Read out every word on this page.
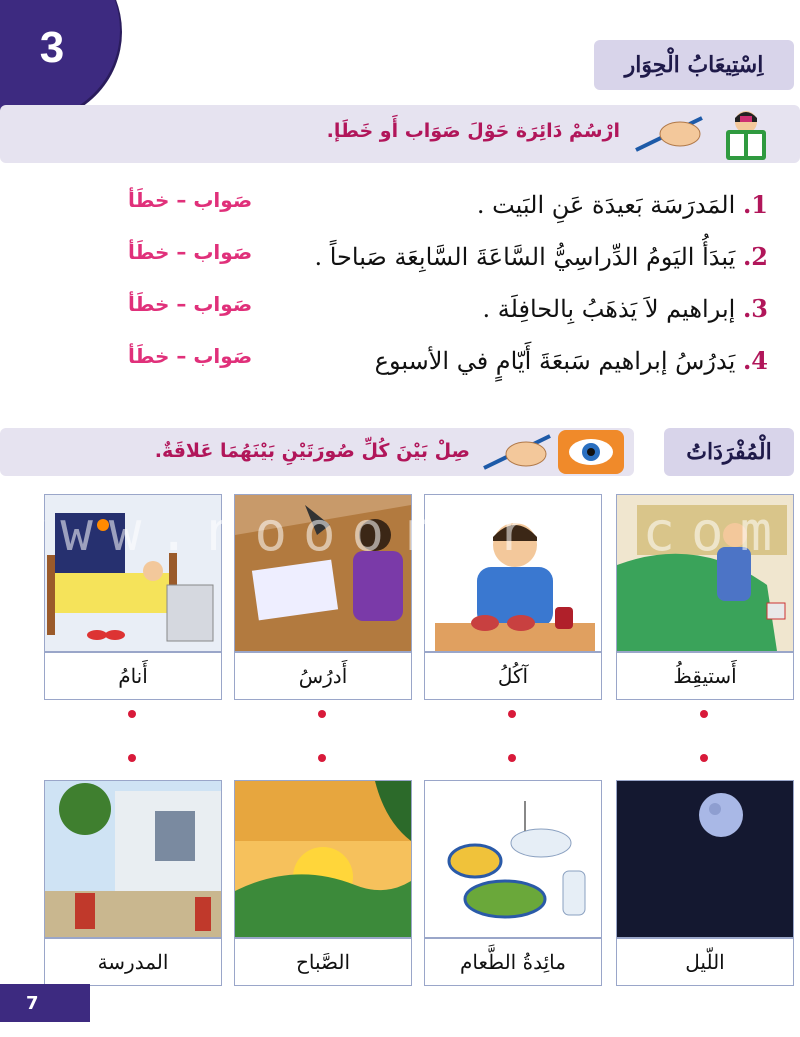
3	اِسْتِيعَابُ الْحِوَار
ارْسُمْ دَائِرَة حَوْلَ صَوَاب أَو خَطَإ.
1. المَدرَسَة بَعيدَة عَنِ البَيت .
صَواب – خطَأ
2. يَبدَأُ اليَومُ الدِّراسِيُّ السَّاعَةَ السَّابِعَة صَباحاً .
صَواب – خطَأ
3. إبراهيم لاَ يَذهَبُ بِالحافِلَة .
صَواب – خطَأ
4. يَدرُسُ إبراهيم سَبعَةَ أَيّامٍ في الأسبوع
صَواب – خطَأ
الْمُفْرَدَاتُ
صِلْ بَيْنَ كُلِّ صُورَتَيْنِ بَيْنَهُمَا عَلاقَةٌ.
أَنامُ	أَدرُسُ	آكُلُ	أَستيقِظُ
المدرسة	الصَّباح	مائِدةُ الطَّعام	اللّيل
www.nooorart.com
7
